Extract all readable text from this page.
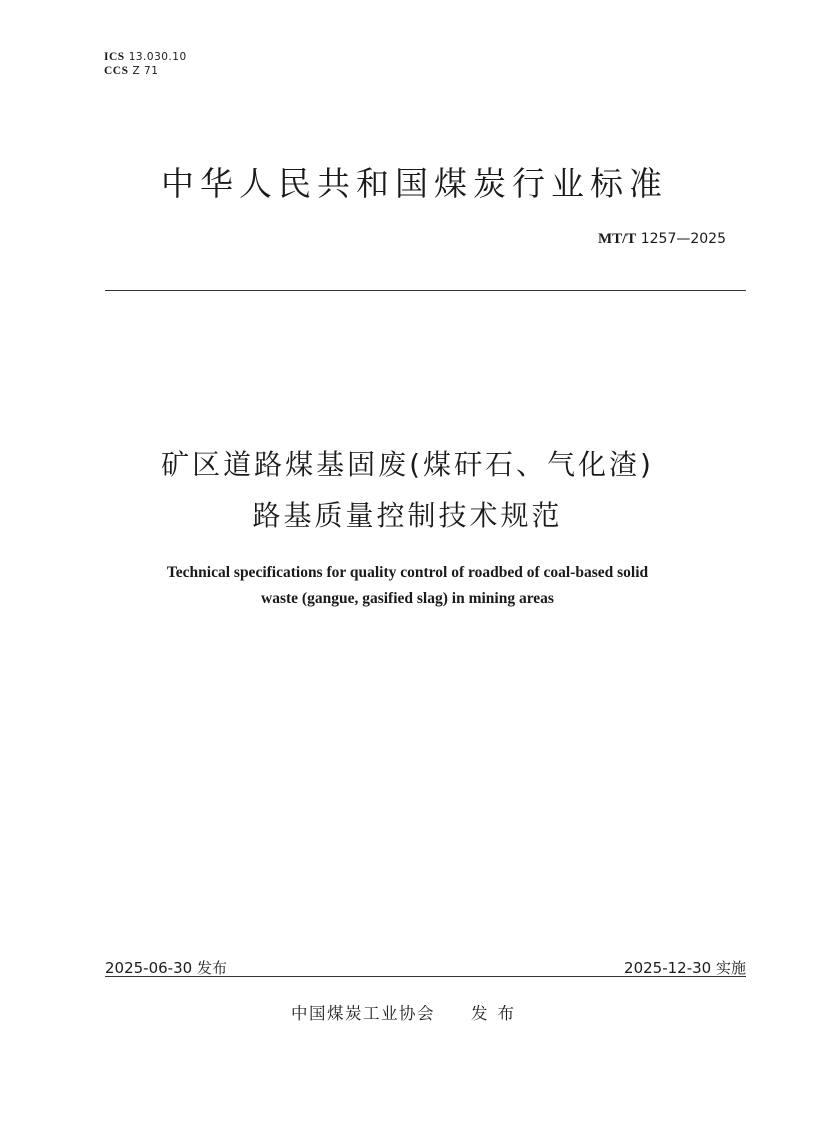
ICS 13.030.10
CCS Z 71
中华人民共和国煤炭行业标准
MT/T 1257—2025
矿区道路煤基固废(煤矸石、气化渣)
路基质量控制技术规范
Technical specifications for quality control of roadbed of coal-based solid
waste (gangue, gasified slag) in mining areas
2025-06-30 发布	2025-12-30 实施
中国煤炭工业协会 发布
